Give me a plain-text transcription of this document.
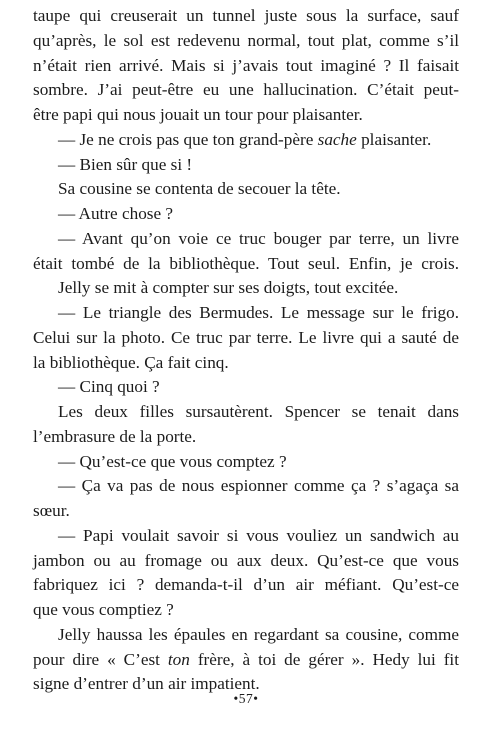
taupe qui creuserait un tunnel juste sous la surface, sauf
qu’après, le sol est redevenu normal, tout plat, comme s’il
n’était rien arrivé. Mais si j’avais tout imaginé ? Il faisait
sombre. J’ai peut-être eu une hallucination. C’était peut-
être papi qui nous jouait un tour pour plaisanter.
— Je ne crois pas que ton grand-père sache plaisanter.
— Bien sûr que si !
Sa cousine se contenta de secouer la tête.
— Autre chose ?
— Avant qu’on voie ce truc bouger par terre, un livre
était tombé de la bibliothèque. Tout seul. Enfin, je crois.
Jelly se mit à compter sur ses doigts, tout excitée.
— Le triangle des Bermudes. Le message sur le frigo.
Celui sur la photo. Ce truc par terre. Le livre qui a sauté de
la bibliothèque. Ça fait cinq.
— Cinq quoi ?
Les deux filles sursautèrent. Spencer se tenait dans
l’embrasure de la porte.
— Qu’est-ce que vous comptez ?
— Ça va pas de nous espionner comme ça ? s’agaça sa
sœur.
— Papi voulait savoir si vous vouliez un sandwich au
jambon ou au fromage ou aux deux. Qu’est-ce que vous
fabriquez ici ? demanda-t-il d’un air méfiant. Qu’est-ce
que vous comptiez ?
Jelly haussa les épaules en regardant sa cousine, comme
pour dire « C’est ton frère, à toi de gérer ». Hedy lui fit
signe d’entrer d’un air impatient.
•57•
